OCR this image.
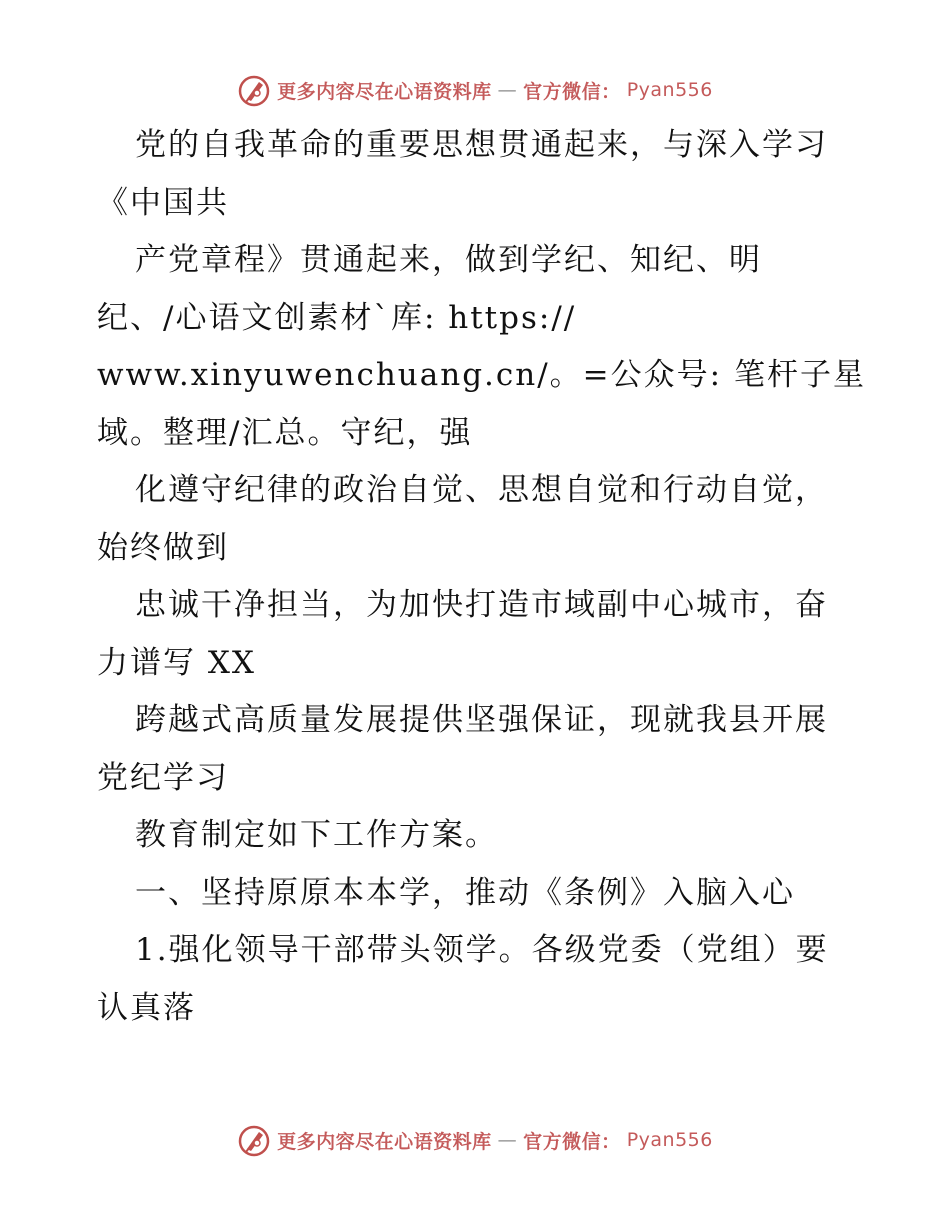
更多内容尽在心语资料库 — 官方微信： Pyan556
党的自我革命的重要思想贯通起来，与深入学习
《中国共
产党章程》贯通起来，做到学纪、知纪、明
纪、/心语文创素材`库: https://
www.xinyuwenchuang.cn/。=公众号: 笔杆子星
域。整理/汇总。守纪，强
化遵守纪律的政治自觉、思想自觉和行动自觉，
始终做到
忠诚干净担当，为加快打造市域副中心城市，奋
力谱写 XX
跨越式高质量发展提供坚强保证，现就我县开展
党纪学习
教育制定如下工作方案。
一、坚持原原本本学，推动《条例》入脑入心
1.强化领导干部带头领学。各级党委（党组）要
认真落
更多内容尽在心语资料库 — 官方微信： Pyan556
